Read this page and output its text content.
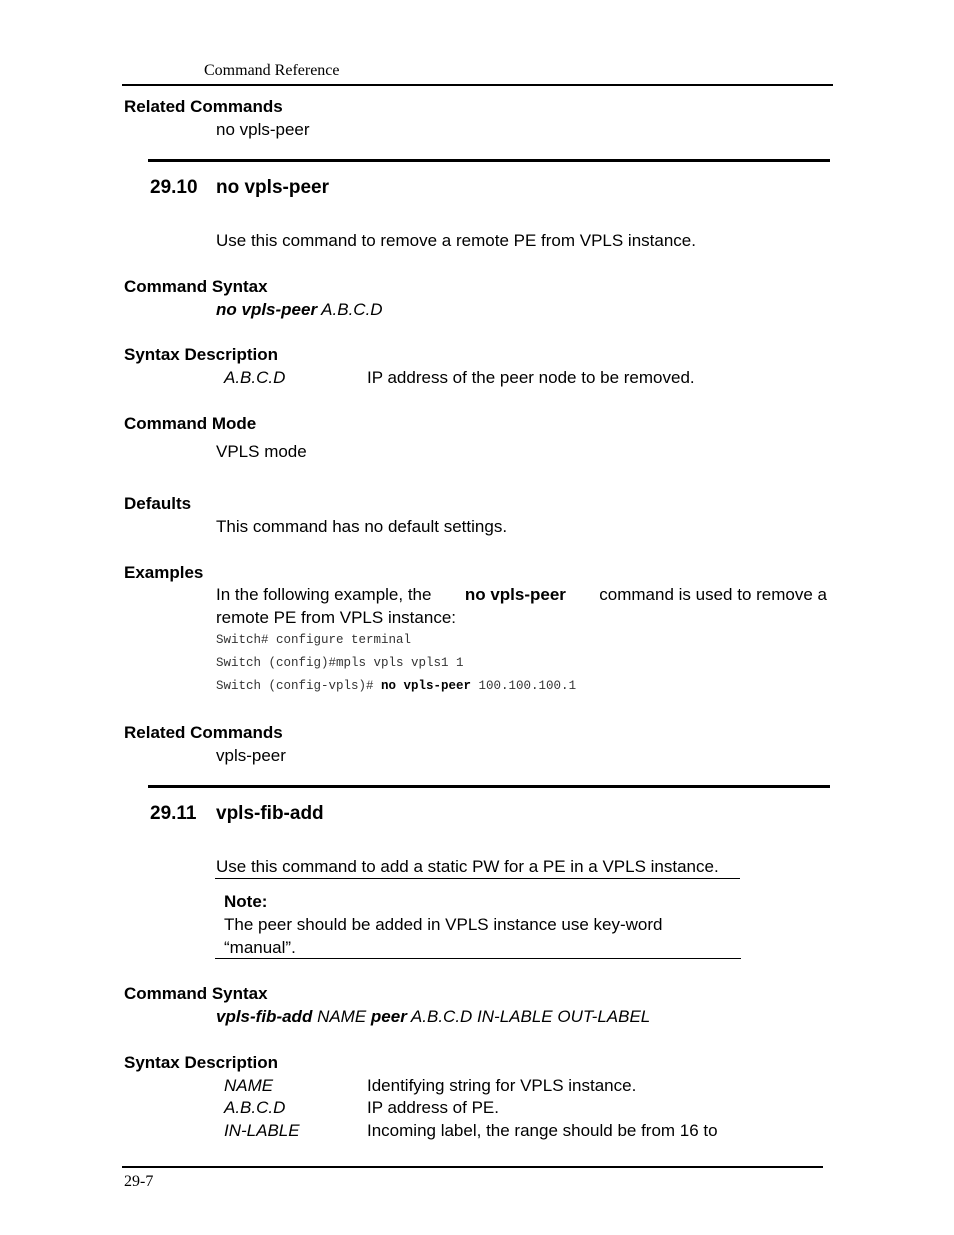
Command Reference
Related Commands
no vpls-peer
29.10 no vpls-peer
Use this command to remove a remote PE from VPLS instance.
Command Syntax
no vpls-peer A.B.C.D
Syntax Description
A.B.C.D	IP address of the peer node to be removed.
Command Mode
VPLS mode
Defaults
This command has no default settings.
Examples
In the following example, the no vpls-peer command is used to remove a
remote PE from VPLS instance:
Switch# configure terminal
Switch (config)#mpls vpls vpls1 1
Switch (config-vpls)# no vpls-peer 100.100.100.1
Related Commands
vpls-peer
29.11 vpls-fib-add
Use this command to add a static PW for a PE in a VPLS instance.
Note:
The peer should be added in VPLS instance use key-word
“manual”.
Command Syntax
vpls-fib-add NAME peer A.B.C.D IN-LABLE OUT-LABEL
Syntax Description
NAME	Identifying string for VPLS instance.
A.B.C.D	IP address of PE.
IN-LABLE	Incoming label, the range should be from 16 to
29-7
